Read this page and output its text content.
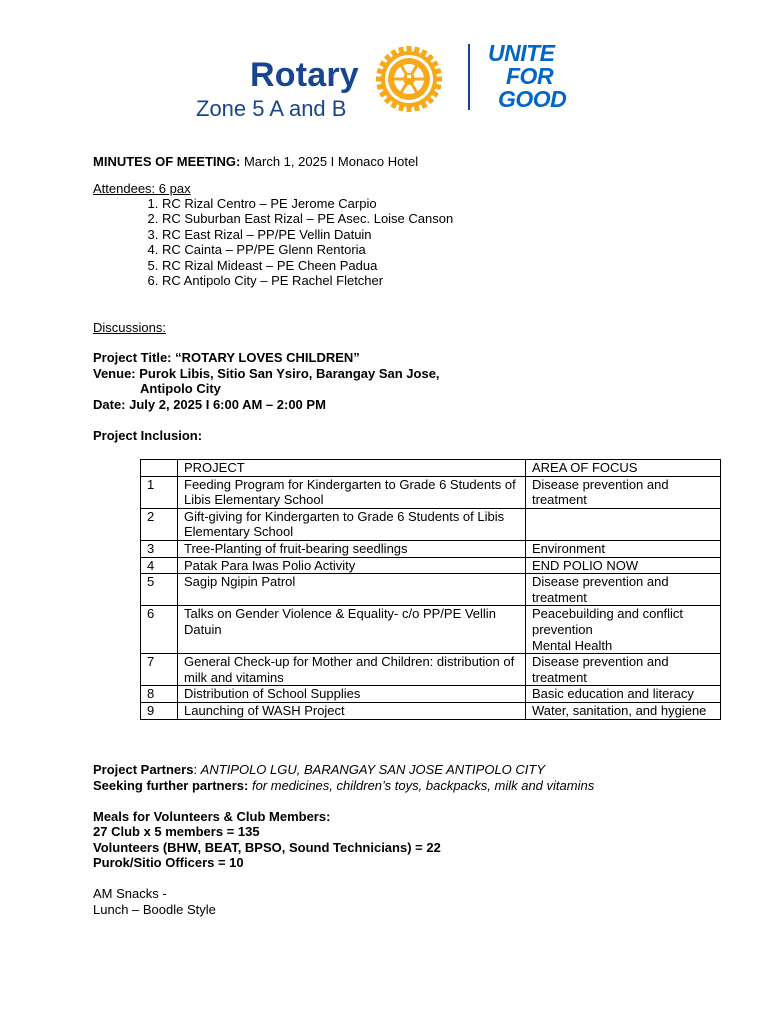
Rotary
Zone 5 A and B
UNITE
FOR
GOOD
MINUTES OF MEETING: March 1, 2025 I Monaco Hotel
Attendees: 6 pax
1. RC Rizal Centro – PE Jerome Carpio
2. RC Suburban East Rizal – PE Asec. Loise Canson
3. RC East Rizal – PP/PE Vellin Datuin
4. RC Cainta – PP/PE Glenn Rentoria
5. RC Rizal Mideast – PE Cheen Padua
6. RC Antipolo City – PE Rachel Fletcher
Discussions:
Project Title: “ROTARY LOVES CHILDREN”
Venue: Purok Libis, Sitio San Ysiro, Barangay San Jose,
Antipolo City
Date: July 2, 2025 I 6:00 AM – 2:00 PM
Project Inclusion:
	PROJECT	AREA OF FOCUS
1	Feeding Program for Kindergarten to Grade 6 Students of Libis Elementary School	Disease prevention and treatment
2	Gift-giving for Kindergarten to Grade 6 Students of Libis Elementary School	
3	Tree-Planting of fruit-bearing seedlings	Environment
4	Patak Para Iwas Polio Activity	END POLIO NOW
5	Sagip Ngipin Patrol	Disease prevention and treatment
6	Talks on Gender Violence & Equality- c/o PP/PE Vellin Datuin	Peacebuilding and conflict prevention
Mental Health

7	General Check-up for Mother and Children: distribution of milk and vitamins	Disease prevention and treatment
8	Distribution of School Supplies	Basic education and literacy
9	Launching of WASH Project	Water, sanitation, and hygiene
Project Partners: ANTIPOLO LGU, BARANGAY SAN JOSE ANTIPOLO CITY
Seeking further partners: for medicines, children’s toys, backpacks, milk and vitamins
Meals for Volunteers & Club Members:
27 Club x 5 members = 135
Volunteers (BHW, BEAT, BPSO, Sound Technicians) = 22
Purok/Sitio Officers = 10
AM Snacks -
Lunch – Boodle Style
